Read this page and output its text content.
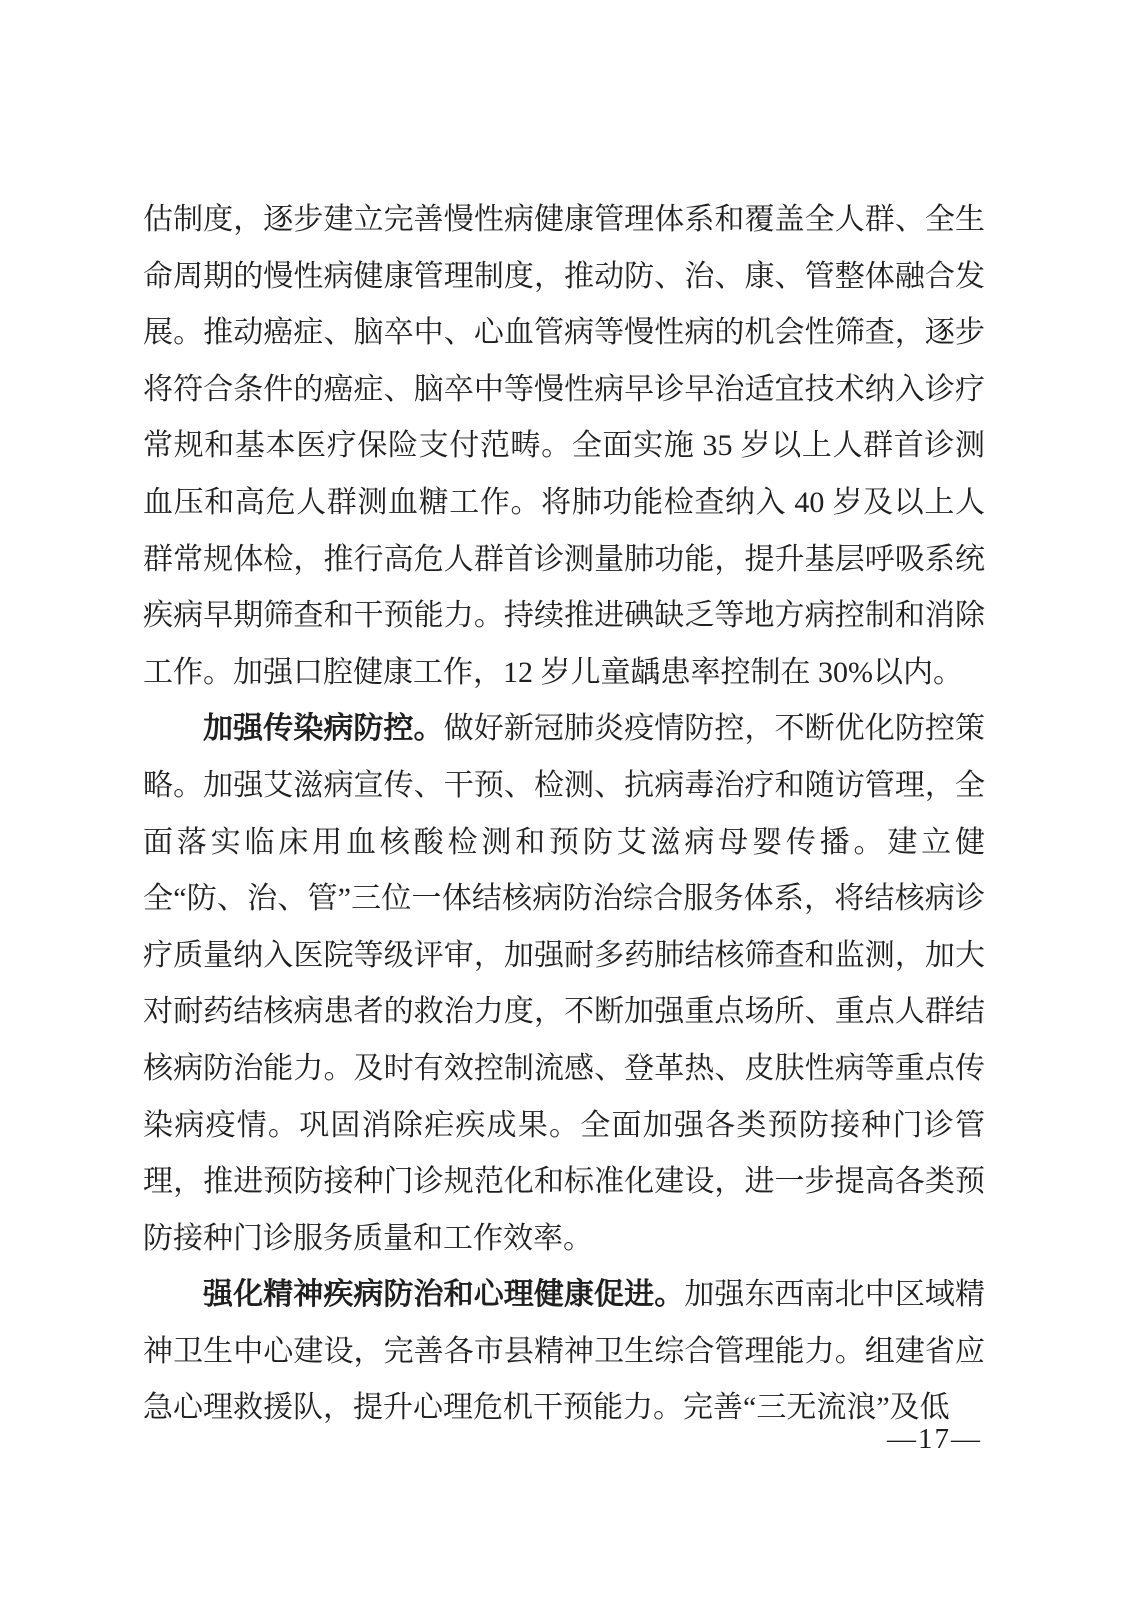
估制度，逐步建立完善慢性病健康管理体系和覆盖全人群、全生命周期的慢性病健康管理制度，推动防、治、康、管整体融合发展。推动癌症、脑卒中、心血管病等慢性病的机会性筛查，逐步将符合条件的癌症、脑卒中等慢性病早诊早治适宜技术纳入诊疗常规和基本医疗保险支付范畴。全面实施 35 岁以上人群首诊测血压和高危人群测血糖工作。将肺功能检查纳入 40 岁及以上人群常规体检，推行高危人群首诊测量肺功能，提升基层呼吸系统疾病早期筛查和干预能力。持续推进碘缺乏等地方病控制和消除工作。加强口腔健康工作，12 岁儿童龋患率控制在 30%以内。

加强传染病防控。做好新冠肺炎疫情防控，不断优化防控策略。加强艾滋病宣传、干预、检测、抗病毒治疗和随访管理，全面落实临床用血核酸检测和预防艾滋病母婴传播。建立健全“防、治、管”三位一体结核病防治综合服务体系，将结核病诊疗质量纳入医院等级评审，加强耐多药肺结核筛查和监测，加大对耐药结核病患者的救治力度，不断加强重点场所、重点人群结核病防治能力。及时有效控制流感、登革热、皮肤性病等重点传染病疫情。巩固消除疟疾成果。全面加强各类预防接种门诊管理，推进预防接种门诊规范化和标准化建设，进一步提高各类预防接种门诊服务质量和工作效率。

强化精神疾病防治和心理健康促进。加强东西南北中区域精神卫生中心建设，完善各市县精神卫生综合管理能力。组建省应急心理救援队，提升心理危机干预能力。完善“三无流浪”及低

—17—
